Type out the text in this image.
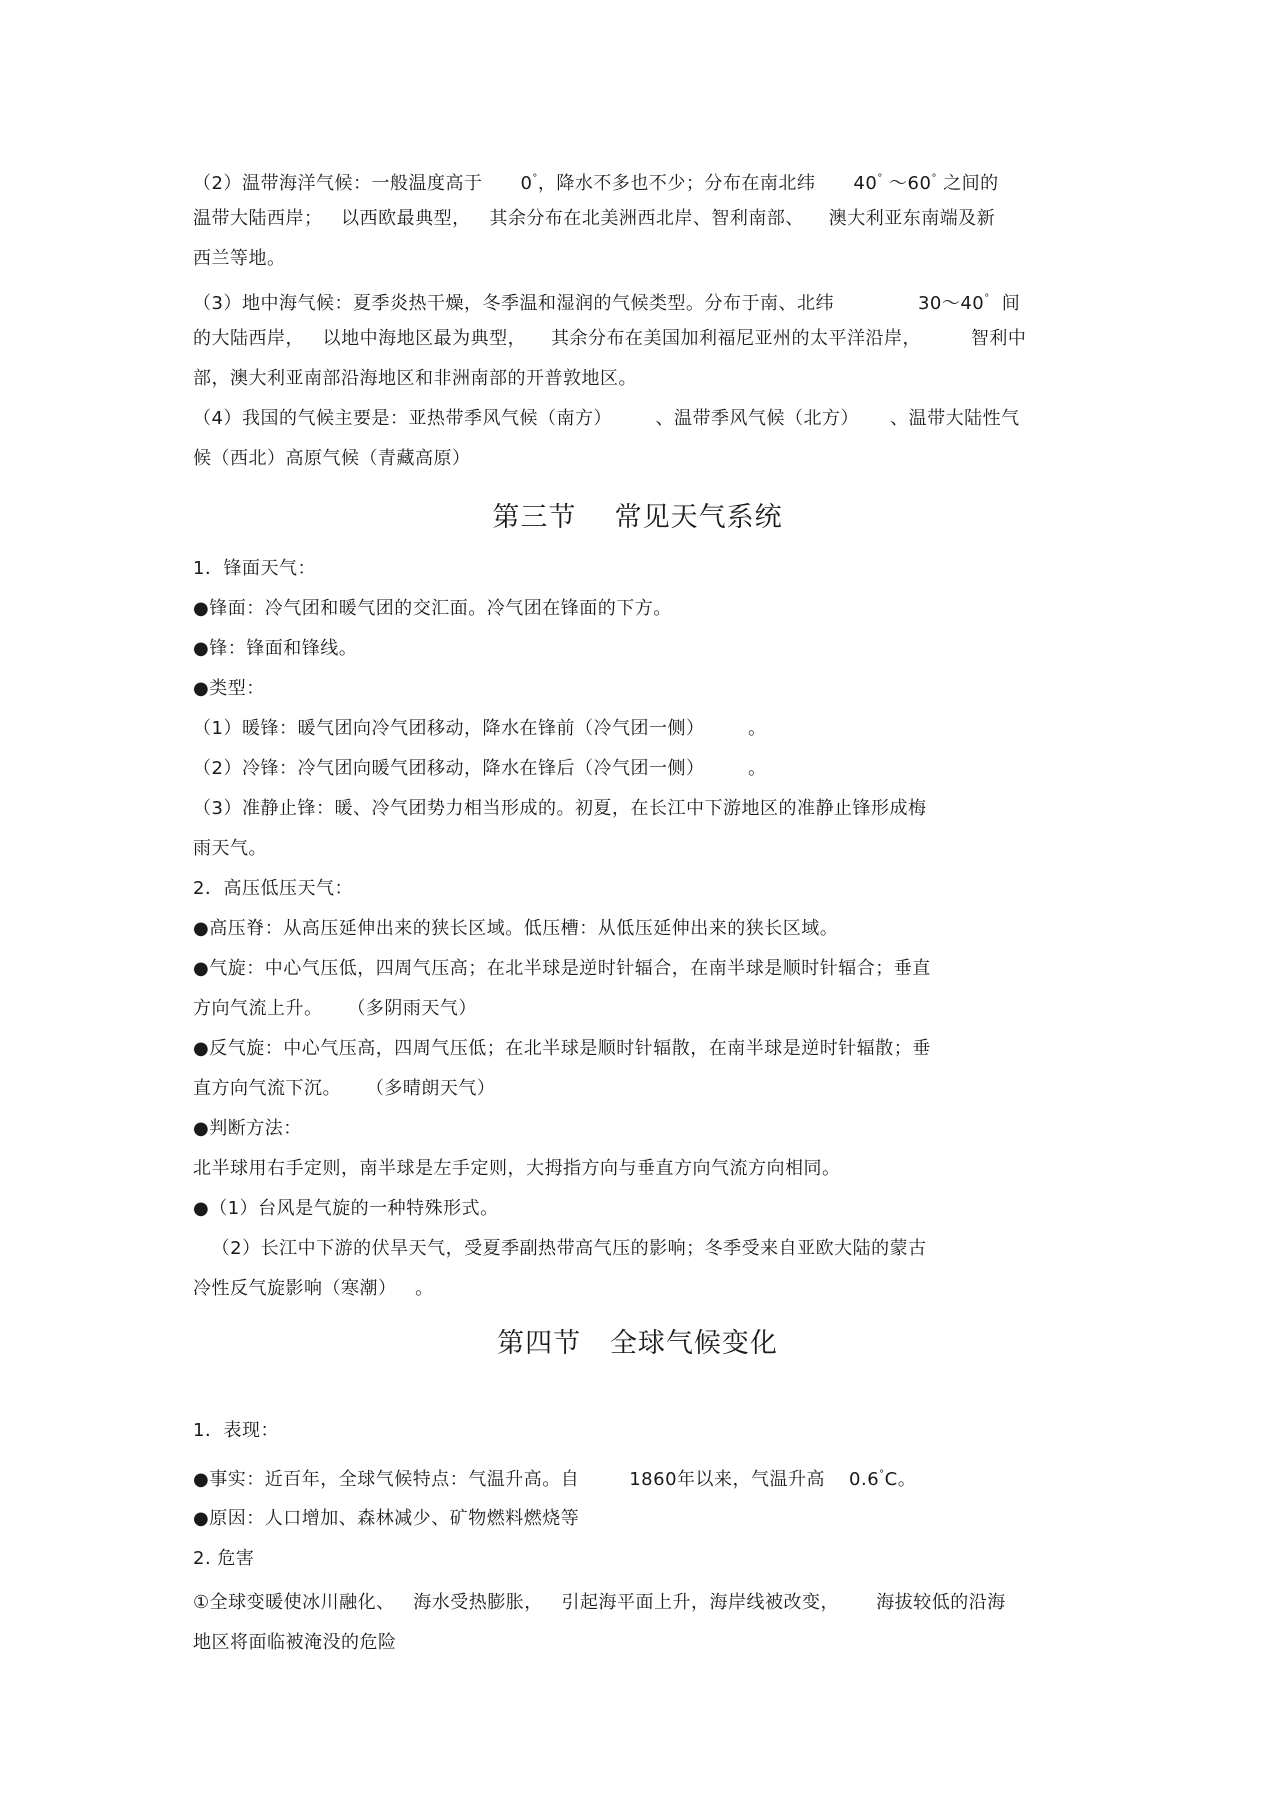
（2）温带海洋气候：一般温度高于 0°，降水不多也不少；分布在南北纬 40° ～60° 之间的
温带大陆西岸；   以西欧最典型，   其余分布在北美洲西北岸、智利南部、    澳大利亚东南端及新
西兰等地。
（3）地中海气候：夏季炎热干燥，冬季温和湿润的气候类型。分布于南、北纬	30～40° 间
的大陆西岸，   以地中海地区最为典型，    其余分布在美国加利福尼亚州的太平洋沿岸，        智利中
部，澳大利亚南部沿海地区和非洲南部的开普敦地区。
（4）我国的气候主要是：亚热带季风气候（南方）       、温带季风气候（北方）     、温带大陆性气
候（西北）高原气候（青藏高原）
第三节    常见天气系统
1．锋面天气：
●锋面：冷气团和暖气团的交汇面。冷气团在锋面的下方。
●锋：锋面和锋线。
●类型：
（1）暖锋：暖气团向冷气团移动，降水在锋前（冷气团一侧）       。
（2）冷锋：冷气团向暖气团移动，降水在锋后（冷气团一侧）       。
（3）准静止锋：暖、冷气团势力相当形成的。初夏，在长江中下游地区的准静止锋形成梅
雨天气。
2．高压低压天气：
●高压脊：从高压延伸出来的狭长区域。低压槽：从低压延伸出来的狭长区域。
●气旋：中心气压低，四周气压高；在北半球是逆时针辐合，在南半球是顺时针辐合；垂直
方向气流上升。    （多阴雨天气）
●反气旋：中心气压高，四周气压低；在北半球是顺时针辐散，在南半球是逆时针辐散；垂
直方向气流下沉。    （多晴朗天气）
●判断方法：
北半球用右手定则，南半球是左手定则，大拇指方向与垂直方向气流方向相同。
●（1）台风是气旋的一种特殊形式。
（2）长江中下游的伏旱天气，受夏季副热带高气压的影响；冬季受来自亚欧大陆的蒙古
冷性反气旋影响（寒潮）   。
第四节   全球气候变化
1．表现：
●事实：近百年，全球气候特点：气温升高。自	1860年以来，气温升高 0.6°C。
●原因：人口增加、森林减少、矿物燃料燃烧等
2. 危害
①全球变暖使冰川融化、   海水受热膨胀，   引起海平面上升，海岸线被改变，      海拔较低的沿海
地区将面临被淹没的危险
